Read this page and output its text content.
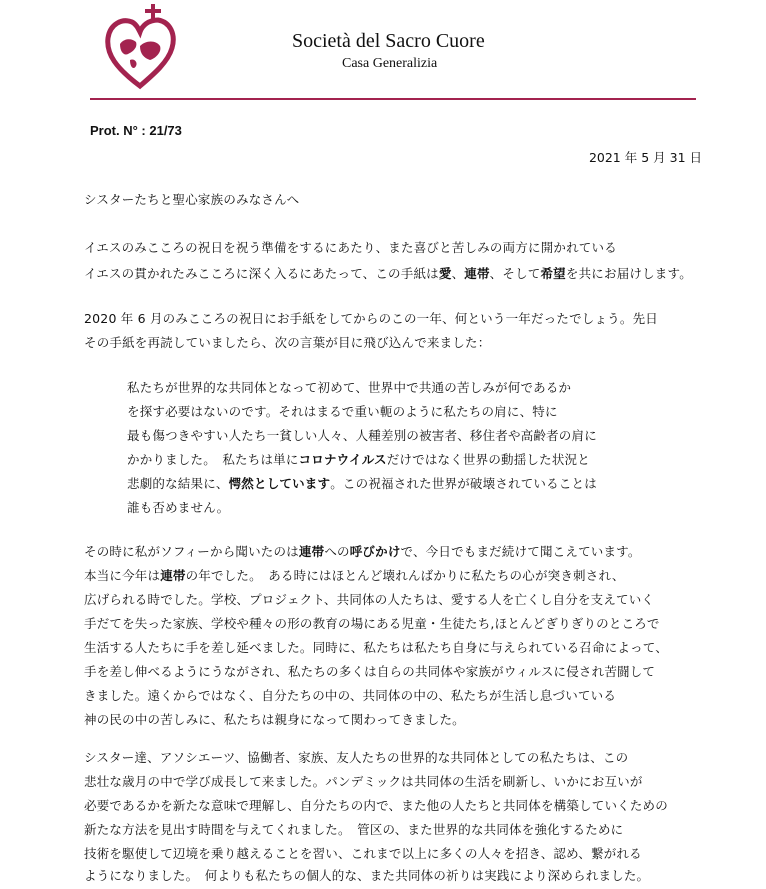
Società del Sacro Cuore
Casa Generalizia
Prot. N° : 21/73
2021 年 5 月 31 日
シスターたちと聖心家族のみなさんへ
イエスのみこころの祝日を祝う準備をするにあたり、また喜びと苦しみの両方に開かれている
イエスの貫かれたみこころに深く入るにあたって、この手紙は愛、連帯、そして希望を共にお届けします。
2020 年 6 月のみこころの祝日にお手紙をしてからのこの一年、何という一年だったでしょう。先日
その手紙を再読していましたら、次の言葉が目に飛び込んで来ました：
私たちが世界的な共同体となって初めて、世界中で共通の苦しみが何であるか
を探す必要はないのです。それはまるで重い軛のように私たちの肩に、特に
最も傷つきやすい人たち一貧しい人々、人種差別の被害者、移住者や高齢者の肩に
かかりました。　私たちは単にコロナウイルスだけではなく世界の動揺した状況と
悲劇的な結果に、愕然としています。この祝福された世界が破壊されていることは
誰も否めません。
その時に私がソフィーから聞いたのは連帯への呼びかけで、今日でもまだ続けて聞こえています。
本当に今年は連帯の年でした。　ある時にはほとんど壊れんばかりに私たちの心が突き刺され、
広げられる時でした。学校、プロジェクト、共同体の人たちは、愛する人を亡くし自分を支えていく
手だてを失った家族、学校や種々の形の教育の場にある児童・生徒たち,ほとんどぎりぎりのところで
生活する人たちに手を差し延べました。同時に、私たちは私たち自身に与えられている召命によって、
手を差し伸べるようにうながされ、私たちの多くは自らの共同体や家族がウィルスに侵され苦闘して
きました。遠くからではなく、自分たちの中の、共同体の中の、私たちが生活し息づいている
神の民の中の苦しみに、私たちは親身になって関わってきました。
シスター達、アソシエーツ、協働者、家族、友人たちの世界的な共同体としての私たちは、この
悲壮な歳月の中で学び成長して来ました。パンデミックは共同体の生活を刷新し、いかにお互いが
必要であるかを新たな意味で理解し、自分たちの内で、また他の人たちと共同体を構築していくための
新たな方法を見出す時間を与えてくれました。　管区の、また世界的な共同体を強化するために
技術を駆使して辺境を乗り越えることを習い、これまで以上に多くの人々を招き、認め、繋がれる
ようになりました。　何よりも私たちの個人的な、また共同体の祈りは実践により深められました。
